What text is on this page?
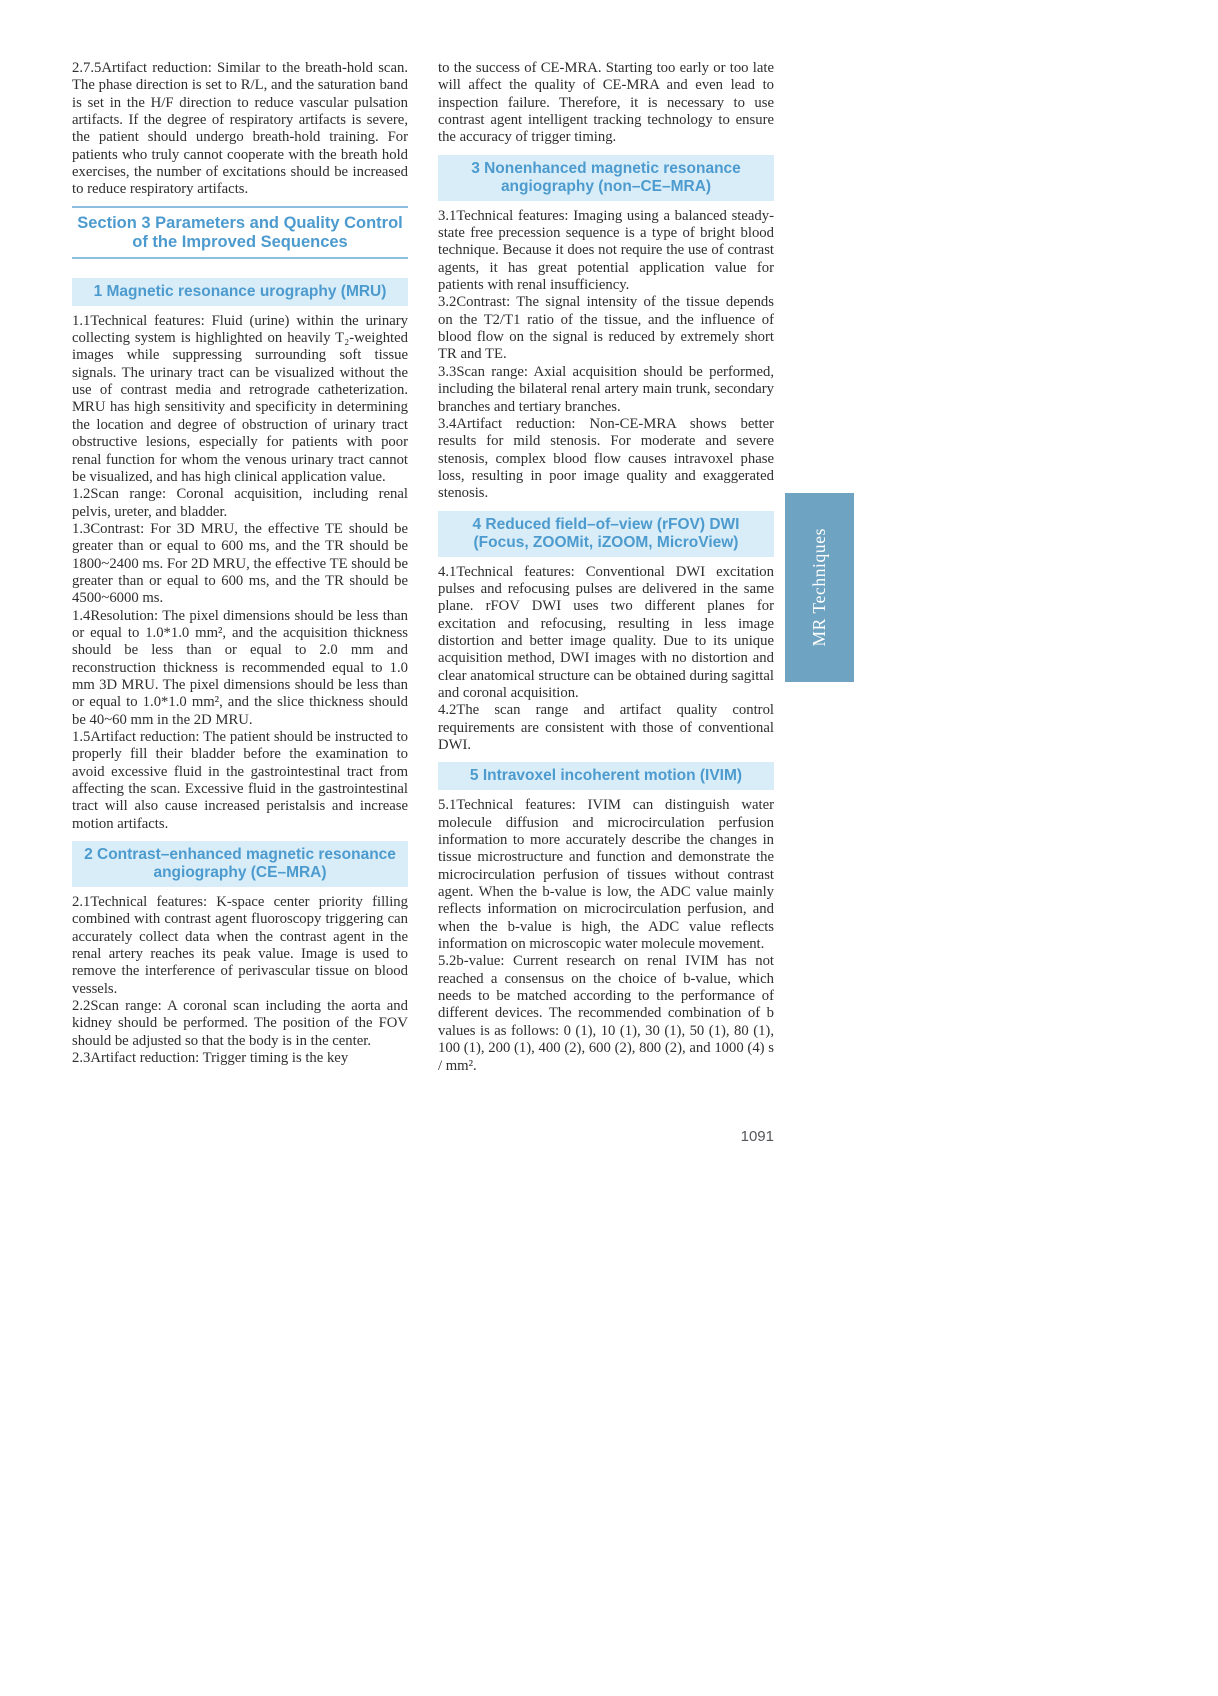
2.7.5Artifact reduction: Similar to the breath-hold scan. The phase direction is set to R/L, and the saturation band is set in the H/F direction to reduce vascular pulsation artifacts. If the degree of respiratory artifacts is severe, the patient should undergo breath-hold training. For patients who truly cannot cooperate with the breath hold exercises, the number of excitations should be increased to reduce respiratory artifacts.
Section 3 Parameters and Quality Control of the Improved Sequences
1 Magnetic resonance urography (MRU)
1.1Technical features: Fluid (urine) within the urinary collecting system is highlighted on heavily T₂-weighted images while suppressing surrounding soft tissue signals. The urinary tract can be visualized without the use of contrast media and retrograde catheterization. MRU has high sensitivity and specificity in determining the location and degree of obstruction of urinary tract obstructive lesions, especially for patients with poor renal function for whom the venous urinary tract cannot be visualized, and has high clinical application value.
1.2Scan range: Coronal acquisition, including renal pelvis, ureter, and bladder.
1.3Contrast: For 3D MRU, the effective TE should be greater than or equal to 600 ms, and the TR should be 1800~2400 ms. For 2D MRU, the effective TE should be greater than or equal to 600 ms, and the TR should be 4500~6000 ms.
1.4Resolution: The pixel dimensions should be less than or equal to 1.0*1.0 mm², and the acquisition thickness should be less than or equal to 2.0 mm and reconstruction thickness is recommended equal to 1.0 mm 3D MRU. The pixel dimensions should be less than or equal to 1.0*1.0 mm², and the slice thickness should be 40~60 mm in the 2D MRU.
1.5Artifact reduction: The patient should be instructed to properly fill their bladder before the examination to avoid excessive fluid in the gastrointestinal tract from affecting the scan. Excessive fluid in the gastrointestinal tract will also cause increased peristalsis and increase motion artifacts.
2 Contrast–enhanced magnetic resonance angiography (CE–MRA)
2.1Technical features: K-space center priority filling combined with contrast agent fluoroscopy triggering can accurately collect data when the contrast agent in the renal artery reaches its peak value. Image is used to remove the interference of perivascular tissue on blood vessels.
2.2Scan range: A coronal scan including the aorta and kidney should be performed. The position of the FOV should be adjusted so that the body is in the center.
2.3Artifact reduction: Trigger timing is the key
to the success of CE-MRA. Starting too early or too late will affect the quality of CE-MRA and even lead to inspection failure. Therefore, it is necessary to use contrast agent intelligent tracking technology to ensure the accuracy of trigger timing.
3 Nonenhanced magnetic resonance angiography (non–CE–MRA)
3.1Technical features: Imaging using a balanced steady-state free precession sequence is a type of bright blood technique. Because it does not require the use of contrast agents, it has great potential application value for patients with renal insufficiency.
3.2Contrast: The signal intensity of the tissue depends on the T2/T1 ratio of the tissue, and the influence of blood flow on the signal is reduced by extremely short TR and TE.
3.3Scan range: Axial acquisition should be performed, including the bilateral renal artery main trunk, secondary branches and tertiary branches.
3.4Artifact reduction: Non-CE-MRA shows better results for mild stenosis. For moderate and severe stenosis, complex blood flow causes intravoxel phase loss, resulting in poor image quality and exaggerated stenosis.
4 Reduced field–of–view (rFOV) DWI (Focus, ZOOMit, iZOOM, MicroView)
4.1Technical features: Conventional DWI excitation pulses and refocusing pulses are delivered in the same plane. rFOV DWI uses two different planes for excitation and refocusing, resulting in less image distortion and better image quality. Due to its unique acquisition method, DWI images with no distortion and clear anatomical structure can be obtained during sagittal and coronal acquisition.
4.2The scan range and artifact quality control requirements are consistent with those of conventional DWI.
5 Intravoxel incoherent motion (IVIM)
5.1Technical features: IVIM can distinguish water molecule diffusion and microcirculation perfusion information to more accurately describe the changes in tissue microstructure and function and demonstrate the microcirculation perfusion of tissues without contrast agent. When the b-value is low, the ADC value mainly reflects information on microcirculation perfusion, and when the b-value is high, the ADC value reflects information on microscopic water molecule movement.
5.2b-value: Current research on renal IVIM has not reached a consensus on the choice of b-value, which needs to be matched according to the performance of different devices. The recommended combination of b values is as follows: 0 (1), 10 (1), 30 (1), 50 (1), 80 (1), 100 (1), 200 (1), 400 (2), 600 (2), 800 (2), and 1000 (4) s / mm².
MR Techniques
1091
